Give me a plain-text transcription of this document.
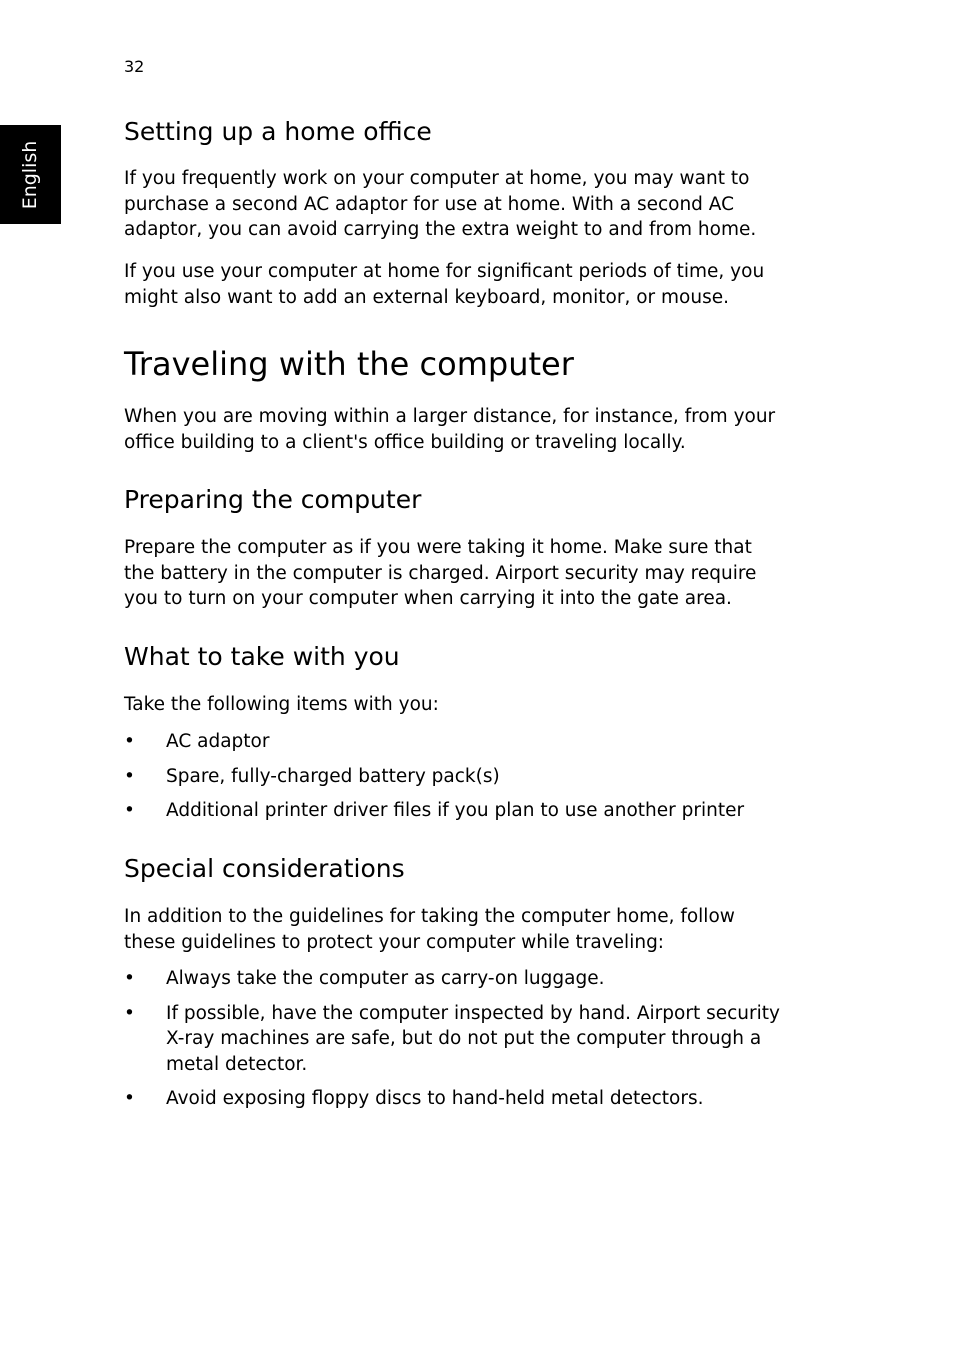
32
English
Setting up a home office

If you frequently work on your computer at home, you may want to
purchase a second AC adaptor for use at home. With a second AC
adaptor, you can avoid carrying the extra weight to and from home.

If you use your computer at home for significant periods of time, you
might also want to add an external keyboard, monitor, or mouse.

Traveling with the computer

When you are moving within a larger distance, for instance, from your
office building to a client's office building or traveling locally.

Preparing the computer

Prepare the computer as if you were taking it home. Make sure that
the battery in the computer is charged. Airport security may require
you to turn on your computer when carrying it into the gate area.

What to take with you

Take the following items with you:

• AC adaptor
• Spare, fully-charged battery pack(s)
• Additional printer driver files if you plan to use another printer
Special considerations

In addition to the guidelines for taking the computer home, follow
these guidelines to protect your computer while traveling:

• Always take the computer as carry-on luggage.
• If possible, have the computer inspected by hand. Airport security
X-ray machines are safe, but do not put the computer through a
metal detector.
• Avoid exposing floppy discs to hand-held metal detectors.
